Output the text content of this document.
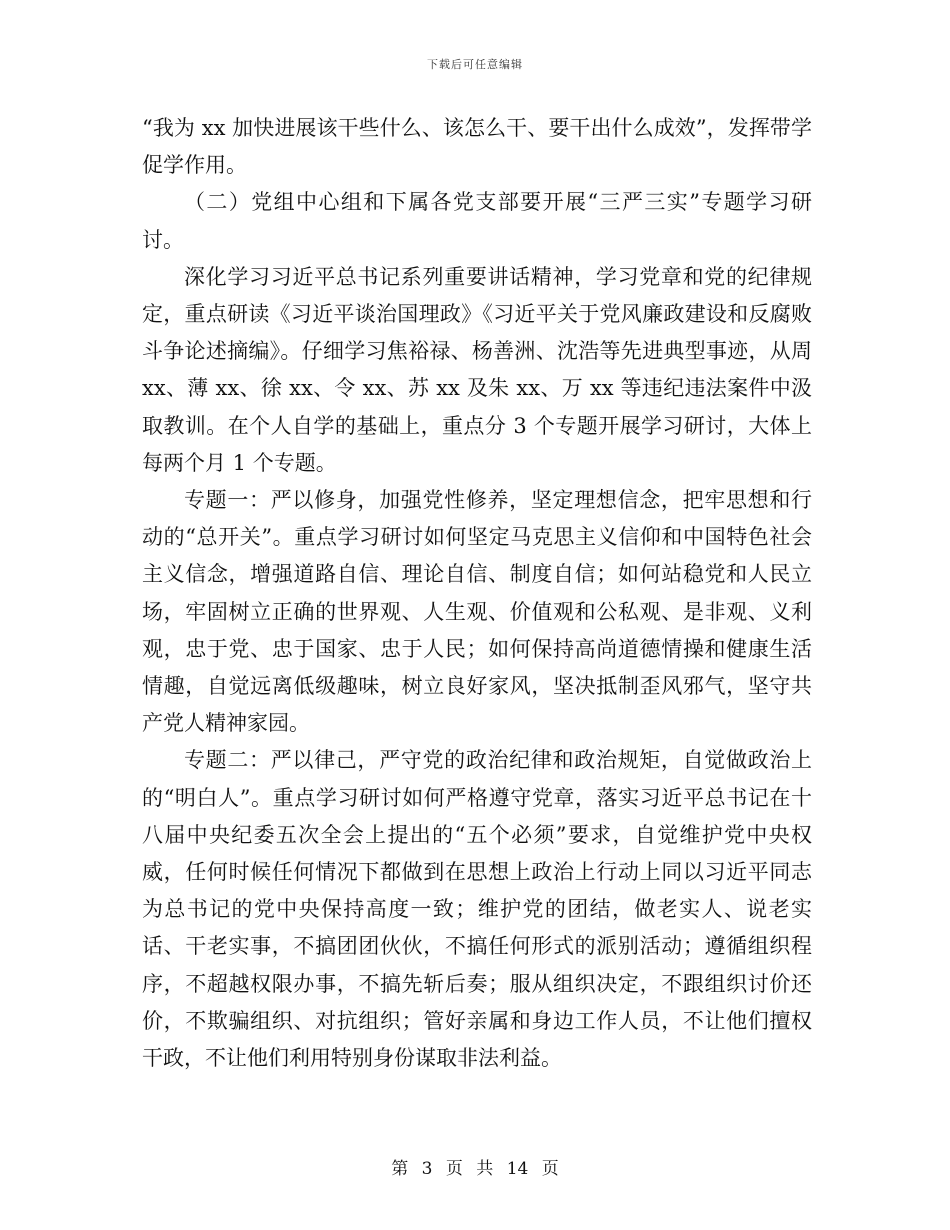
下载后可任意编辑

“我为 xx 加快进展该干些什么、该怎么干、要干出什么成效”，发挥带学促学作用。

（二）党组中心组和下属各党支部要开展“三严三实”专题学习研讨。

深化学习习近平总书记系列重要讲话精神，学习党章和党的纪律规定，重点研读《习近平谈治国理政》《习近平关于党风廉政建设和反腐败斗争论述摘编》。仔细学习焦裕禄、杨善洲、沈浩等先进典型事迹，从周 xx、薄 xx、徐 xx、令 xx、苏 xx 及朱 xx、万 xx 等违纪违法案件中汲取教训。在个人自学的基础上，重点分 3 个专题开展学习研讨，大体上每两个月 1 个专题。

专题一：严以修身，加强党性修养，坚定理想信念，把牢思想和行动的“总开关”。重点学习研讨如何坚定马克思主义信仰和中国特色社会主义信念，增强道路自信、理论自信、制度自信；如何站稳党和人民立场，牢固树立正确的世界观、人生观、价值观和公私观、是非观、义利观，忠于党、忠于国家、忠于人民；如何保持高尚道德情操和健康生活情趣，自觉远离低级趣味，树立良好家风，坚决抵制歪风邪气，坚守共产党人精神家园。

专题二：严以律己，严守党的政治纪律和政治规矩，自觉做政治上的“明白人”。重点学习研讨如何严格遵守党章，落实习近平总书记在十八届中央纪委五次全会上提出的“五个必须”要求，自觉维护党中央权威，任何时候任何情况下都做到在思想上政治上行动上同以习近平同志为总书记的党中央保持高度一致；维护党的团结，做老实人、说老实话、干老实事，不搞团团伙伙，不搞任何形式的派别活动；遵循组织程序，不超越权限办事，不搞先斩后奏；服从组织决定，不跟组织讨价还价，不欺骗组织、对抗组织；管好亲属和身边工作人员，不让他们擅权干政，不让他们利用特别身份谋取非法利益。

第 3 页 共 14 页
